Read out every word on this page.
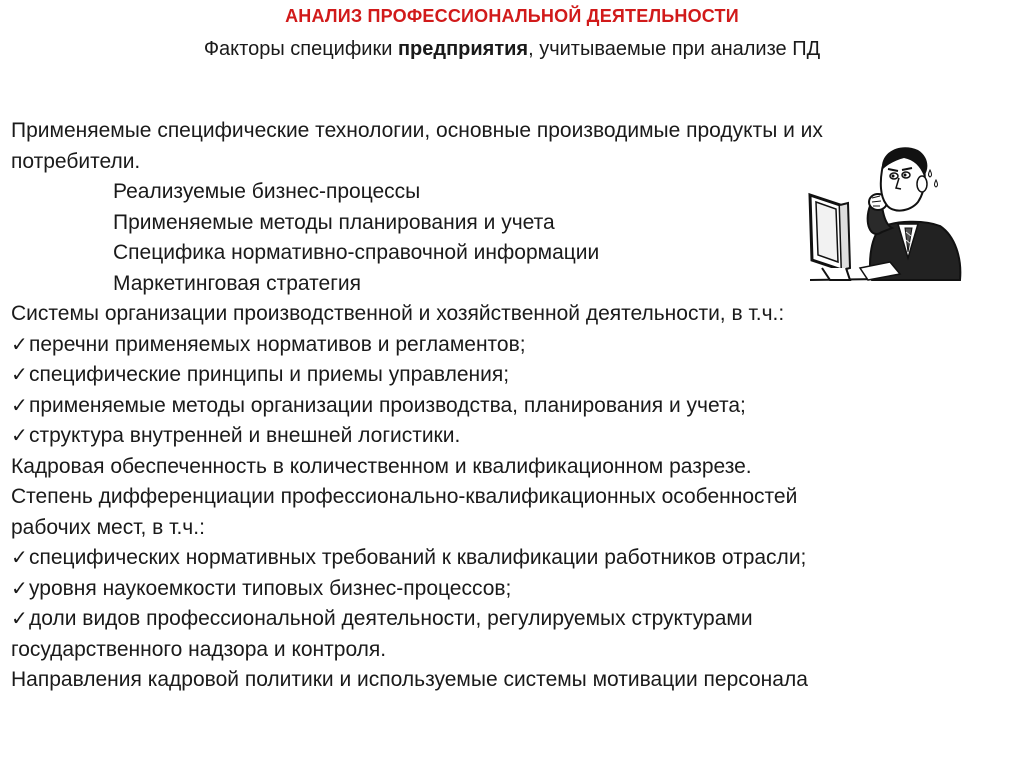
АНАЛИЗ ПРОФЕССИОНАЛЬНОЙ ДЕЯТЕЛЬНОСТИ
Факторы специфики предприятия, учитываемые при анализе ПД
Применяемые специфические технологии, основные производимые продукты и их
потребители.
Реализуемые бизнес-процессы
Применяемые методы планирования и учета
Специфика нормативно-справочной информации
Маркетинговая стратегия
Системы организации производственной и хозяйственной деятельности, в т.ч.:
✓перечни применяемых нормативов и регламентов;
✓специфические принципы и приемы управления;
✓применяемые методы организации производства, планирования и учета;
✓структура внутренней и внешней логистики.
Кадровая обеспеченность в количественном и квалификационном разрезе.
Степень дифференциации профессионально-квалификационных особенностей
рабочих мест, в т.ч.:
✓специфических нормативных требований к квалификации работников отрасли;
✓уровня наукоемкости типовых бизнес-процессов;
✓доли видов профессиональной деятельности, регулируемых структурами
государственного надзора и контроля.
Направления кадровой политики и используемые системы мотивации персонала
